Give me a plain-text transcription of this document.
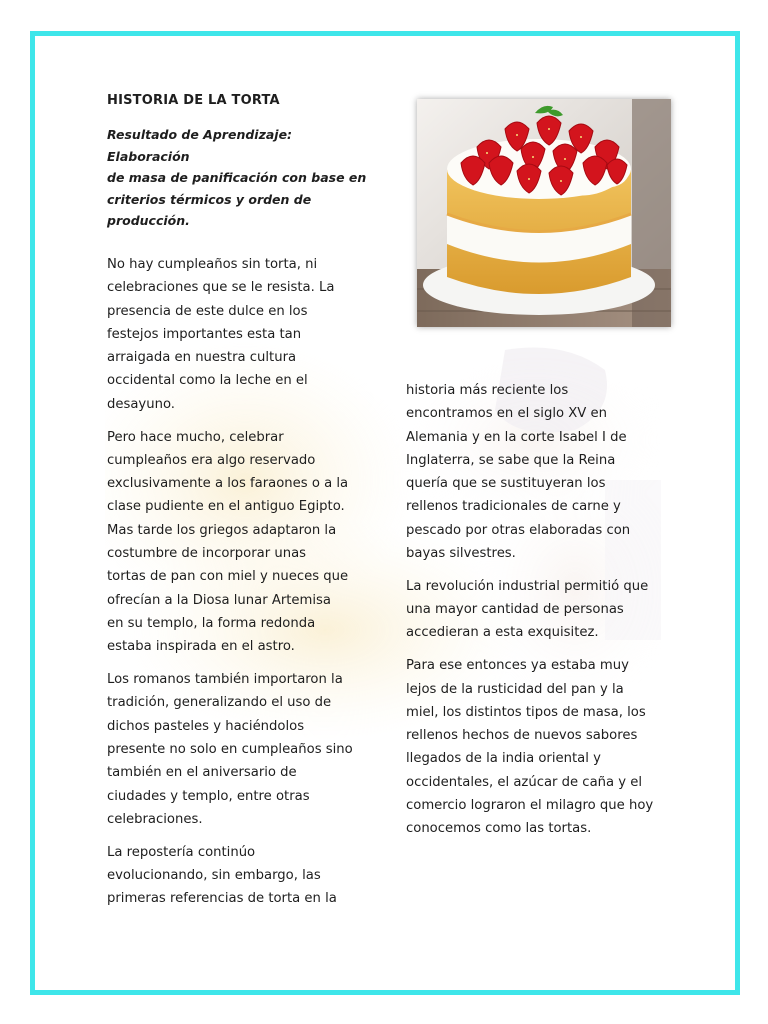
HISTORIA DE LA TORTA
Resultado de Aprendizaje: Elaboración
de masa de panificación con base en
criterios térmicos y orden de
producción.

No hay cumpleaños sin torta, ni
celebraciones que se le resista. La
presencia de este dulce en los
festejos importantes esta tan
arraigada en nuestra cultura
occidental como la leche en el
desayuno.

Pero hace mucho, celebrar
cumpleaños era algo reservado
exclusivamente a los faraones o a la
clase pudiente en el antiguo Egipto.
Mas tarde los griegos adaptaron la
costumbre de incorporar unas
tortas de pan con miel y nueces que
ofrecían a la Diosa lunar Artemisa
en su templo, la forma redonda
estaba inspirada en el astro.

Los romanos también importaron la
tradición, generalizando el uso de
dichos pasteles y haciéndolos
presente no solo en cumpleaños sino
también en el aniversario de
ciudades y templo, entre otras
celebraciones.

La repostería continúo
evolucionando, sin embargo, las
primeras referencias de torta en la

historia más reciente los
encontramos en el siglo XV en
Alemania y en la corte Isabel I de
Inglaterra, se sabe que la Reina
quería que se sustituyeran los
rellenos tradicionales de carne y
pescado por otras elaboradas con
bayas silvestres.

La revolución industrial permitió que
una mayor cantidad de personas
accedieran a esta exquisitez.

Para ese entonces ya estaba muy
lejos de la rusticidad del pan y la
miel, los distintos tipos de masa, los
rellenos hechos de nuevos sabores
llegados de la india oriental y
occidentales, el azúcar de caña y el
comercio lograron el milagro que hoy
conocemos como las tortas.
